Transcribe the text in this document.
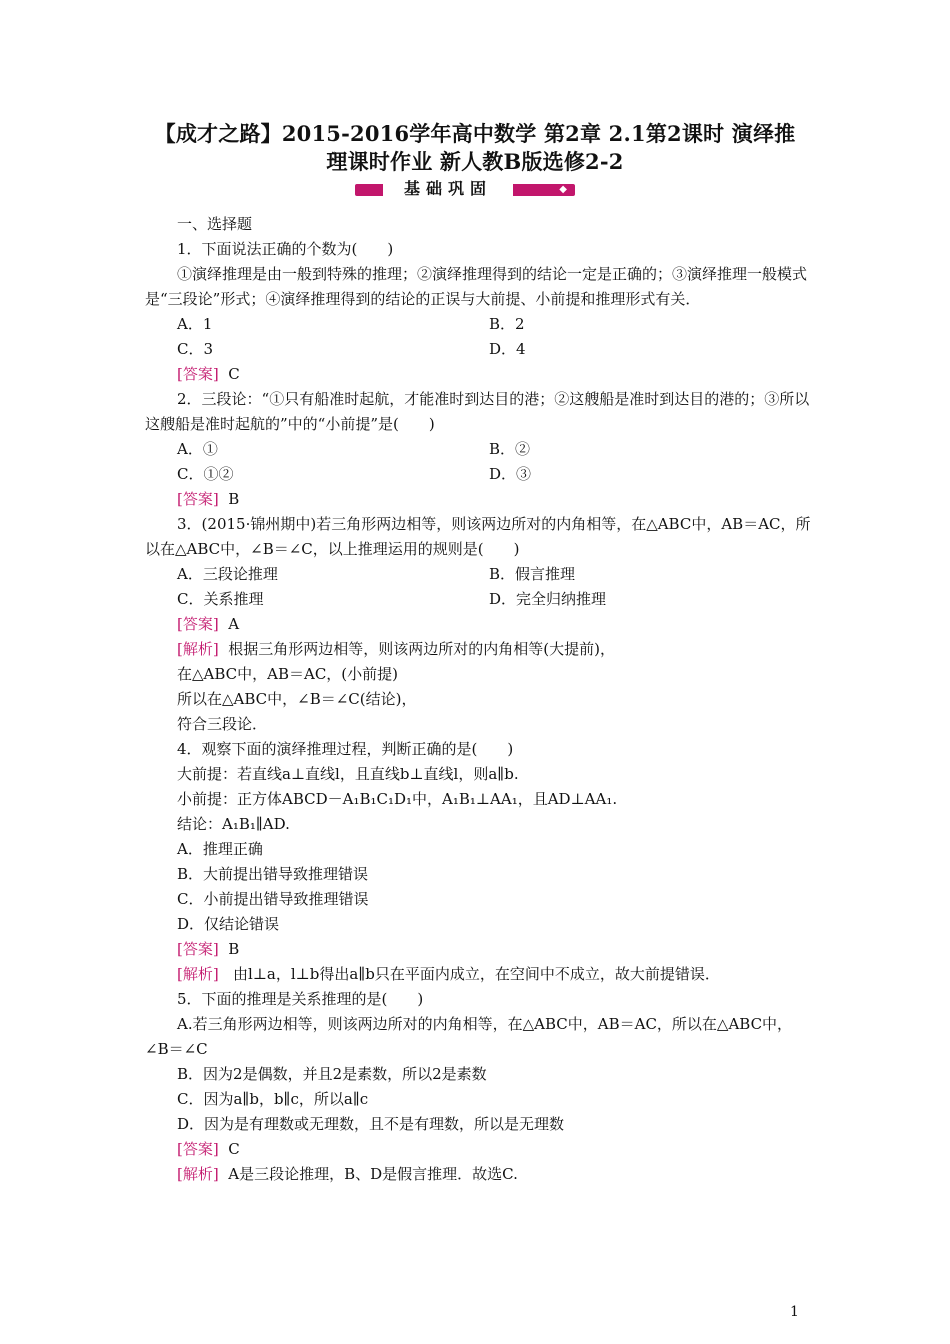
【成才之路】2015-2016学年高中数学 第2章 2.1第2课时 演绎推
理课时作业 新人教B版选修2-2
基础巩固	◆
一、选择题
1．下面说法正确的个数为(　　)
①演绎推理是由一般到特殊的推理；②演绎推理得到的结论一定是正确的；③演绎推理一般模式是“三段论”形式；④演绎推理得到的结论的正误与大前提、小前提和推理形式有关．
A．1	B．2
C．3	D．4
[答案] C
2．三段论：“①只有船准时起航，才能准时到达目的港；②这艘船是准时到达目的港的；③所以这艘船是准时起航的”中的“小前提”是(　　)
A．①	B．②
C．①②	D．③
[答案] B
3．(2015·锦州期中)若三角形两边相等，则该两边所对的内角相等，在△ABC中，AB＝AC，所以在△ABC中，∠B＝∠C，以上推理运用的规则是(　　)
A．三段论推理	B．假言推理
C．关系推理	D．完全归纳推理
[答案] A
[解析] 根据三角形两边相等，则该两边所对的内角相等(大提前)，
在△ABC中，AB＝AC，(小前提)
所以在△ABC中，∠B＝∠C(结论)，
符合三段论．
4．观察下面的演绎推理过程，判断正确的是(　　)
大前提：若直线a⊥直线l，且直线b⊥直线l，则a∥b.
小前提：正方体ABCD－A₁B₁C₁D₁中，A₁B₁⊥AA₁，且AD⊥AA₁.
结论：A₁B₁∥AD.
A．推理正确
B．大前提出错导致推理错误
C．小前提出错导致推理错误
D．仅结论错误
[答案] B
[解析] 由l⊥a，l⊥b得出a∥b只在平面内成立，在空间中不成立，故大前提错误．
5．下面的推理是关系推理的是(　　)
A.若三角形两边相等，则该两边所对的内角相等，在△ABC中，AB＝AC，所以在△ABC中，∠B＝∠C
B．因为2是偶数，并且2是素数，所以2是素数
C．因为a∥b，b∥c，所以a∥c
D．因为是有理数或无理数，且不是有理数，所以是无理数
[答案] C
[解析] A是三段论推理，B、D是假言推理．故选C.
1
